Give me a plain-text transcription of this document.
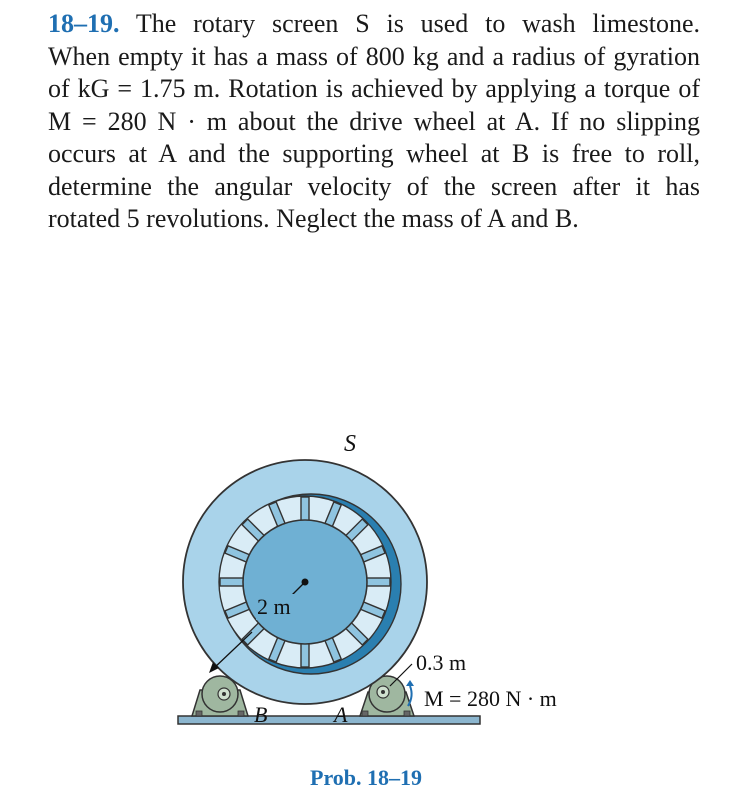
18–19. The rotary screen S is used to wash limestone.
When empty it has a mass of 800 kg and a radius of gyration
of kG = 1.75 m. Rotation is achieved by applying a torque of
M = 280 N · m about the drive wheel at A. If no slipping
occurs at A and the supporting wheel at B is free to roll,
determine the angular velocity of the screen after it has
rotated 5 revolutions. Neglect the mass of A and B.
2 m
S
0.3 m
M = 280 N · m
B	A
Prob. 18–19
